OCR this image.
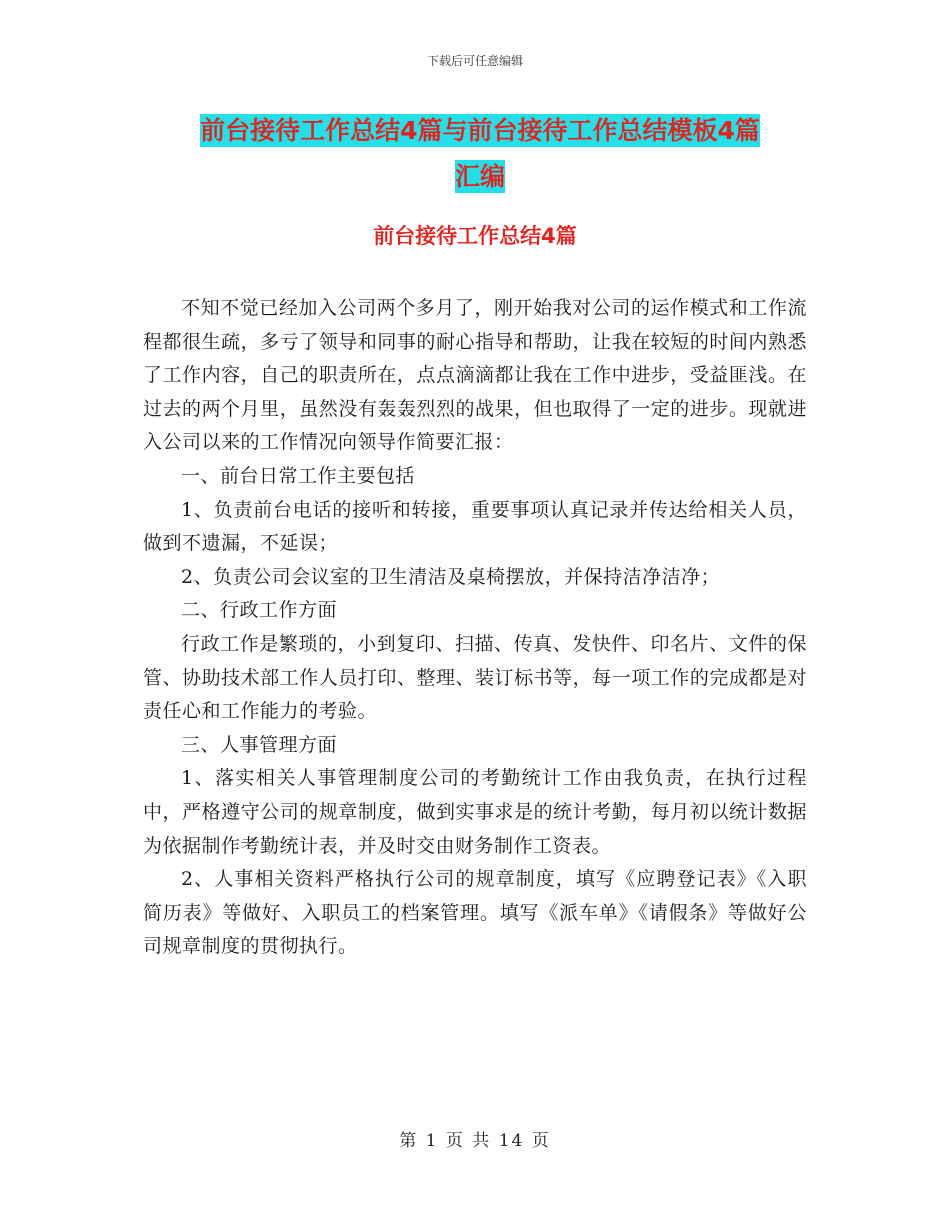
下载后可任意编辑
前台接待工作总结4篇与前台接待工作总结模板4篇
汇编
前台接待工作总结4篇

不知不觉已经加入公司两个多月了，刚开始我对公司的运作模式和工作流程都很生疏，多亏了领导和同事的耐心指导和帮助，让我在较短的时间内熟悉了工作内容，自己的职责所在，点点滴滴都让我在工作中进步，受益匪浅。在过去的两个月里，虽然没有轰轰烈烈的战果，但也取得了一定的进步。现就进入公司以来的工作情况向领导作简要汇报：

一、前台日常工作主要包括

1、负责前台电话的接听和转接，重要事项认真记录并传达给相关人员，做到不遗漏，不延误；

2、负责公司会议室的卫生清洁及桌椅摆放，并保持洁净洁净；

二、行政工作方面

行政工作是繁琐的，小到复印、扫描、传真、发快件、印名片、文件的保管、协助技术部工作人员打印、整理、装订标书等，每一项工作的完成都是对责任心和工作能力的考验。

三、人事管理方面

1、落实相关人事管理制度公司的考勤统计工作由我负责，在执行过程中，严格遵守公司的规章制度，做到实事求是的统计考勤，每月初以统计数据为依据制作考勤统计表，并及时交由财务制作工资表。

2、人事相关资料严格执行公司的规章制度，填写《应聘登记表》《入职简历表》等做好、入职员工的档案管理。填写《派车单》《请假条》等做好公司规章制度的贯彻执行。

第 1 页 共 14 页
